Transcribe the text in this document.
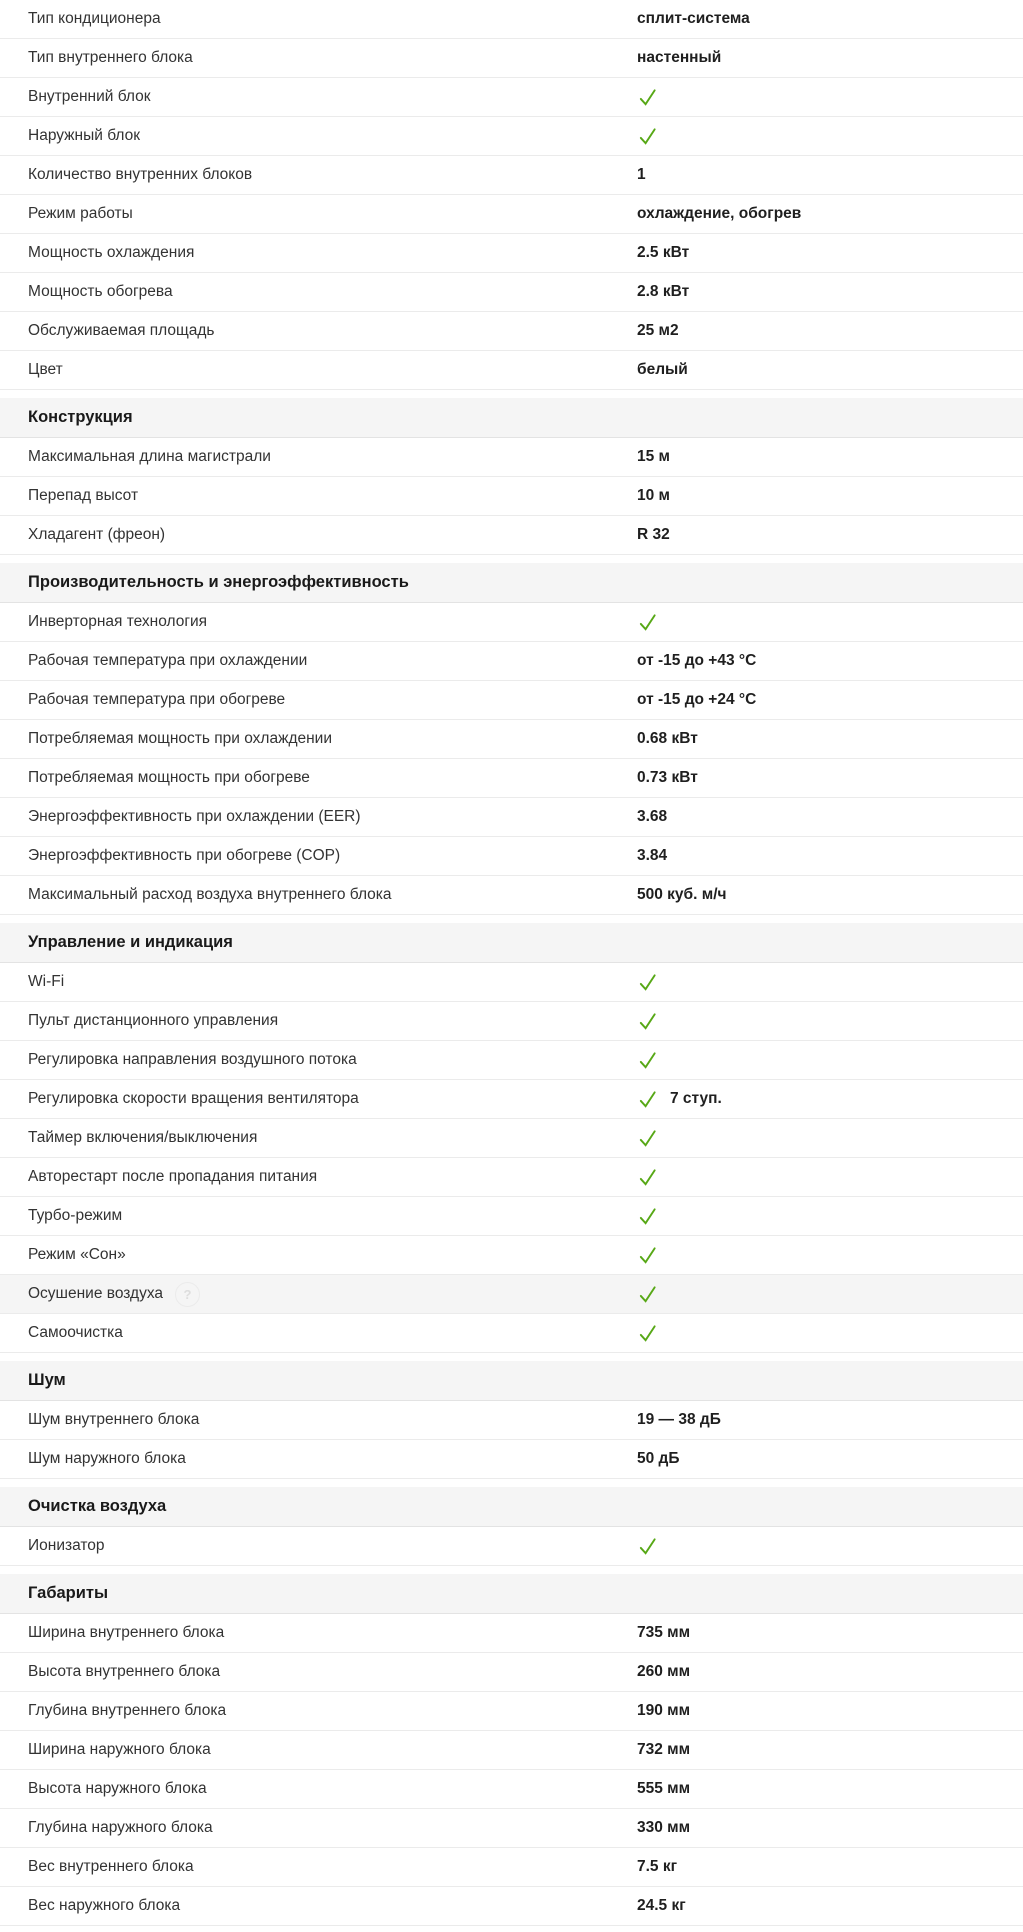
Тип кондиционера	сплит-система
Тип внутреннего блока	настенный
Внутренний блок
Наружный блок
Количество внутренних блоков	1
Режим работы	охлаждение, обогрев
Мощность охлаждения	2.5 кВт
Мощность обогрева	2.8 кВт
Обслуживаемая площадь	25 м2
Цвет	белый
Конструкция
Максимальная длина магистрали	15 м
Перепад высот	10 м
Хладагент (фреон)	R 32
Производительность и энергоэффективность
Инверторная технология
Рабочая температура при охлаждении	от -15 до +43 °C
Рабочая температура при обогреве	от -15 до +24 °C
Потребляемая мощность при охлаждении	0.68 кВт
Потребляемая мощность при обогреве	0.73 кВт
Энергоэффективность при охлаждении (EER)	3.68
Энергоэффективность при обогреве (COP)	3.84
Максимальный расход воздуха внутреннего блока	500 куб. м/ч
Управление и индикация
Wi-Fi
Пульт дистанционного управления
Регулировка направления воздушного потока
Регулировка скорости вращения вентилятора	7 ступ.
Таймер включения/выключения
Авторестарт после пропадания питания
Турбо-режим
Режим «Сон»
Осушение воздуха	?
Самоочистка
Шум
Шум внутреннего блока	19 — 38 дБ
Шум наружного блока	50 дБ
Очистка воздуха
Ионизатор
Габариты
Ширина внутреннего блока	735 мм
Высота внутреннего блока	260 мм
Глубина внутреннего блока	190 мм
Ширина наружного блока	732 мм
Высота наружного блока	555 мм
Глубина наружного блока	330 мм
Вес внутреннего блока	7.5 кг
Вес наружного блока	24.5 кг
